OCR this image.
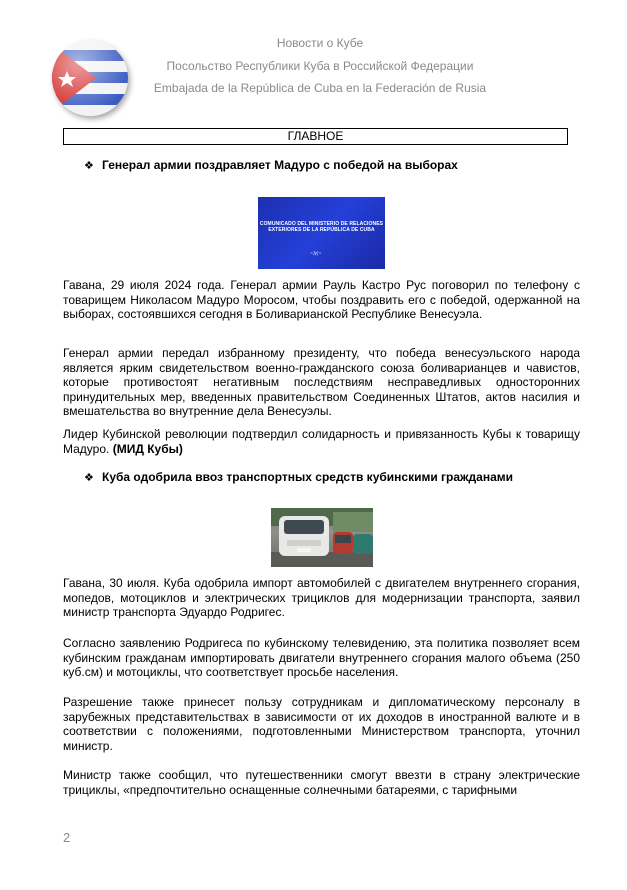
Новости о Кубе
Посольство Республики Куба в Российской Федерации
Embajada de la República de Cuba en la Federación de Rusia
ГЛАВНОЕ
❖ Генерал армии поздравляет Мадуро с победой на выборах
COMUNICADO DEL MINISTERIO DE RELACIONES EXTERIORES DE LA REPÚBLICA DE CUBA
~ℳ~
Гавана, 29 июля 2024 года. Генерал армии Рауль Кастро Рус поговорил по телефону с товарищем Николасом Мадуро Моросом, чтобы поздравить его с победой, одержанной на выборах, состоявшихся сегодня в Боливарианской Республике Венесуэла.
Генерал армии передал избранному президенту, что победа венесуэльского народа является ярким свидетельством военно-гражданского союза боливарианцев и чавистов, которые противостоят негативным последствиям несправедливых односторонних принудительных мер, введенных правительством Соединенных Штатов, актов насилия и вмешательства во внутренние дела Венесуэлы.
Лидер Кубинской революции подтвердил солидарность и привязанность Кубы к товарищу Мадуро. (МИД Кубы)
❖ Куба одобрила ввоз транспортных средств кубинскими гражданами
Гавана, 30 июля. Куба одобрила импорт автомобилей с двигателем внутреннего сгорания, мопедов, мотоциклов и электрических трициклов для модернизации транспорта, заявил министр транспорта Эдуардо Родригес.
Согласно заявлению Родригеса по кубинскому телевидению, эта политика позволяет всем кубинским гражданам импортировать двигатели внутреннего сгорания малого объема (250 куб.см) и мотоциклы, что соответствует просьбе населения.
Разрешение также принесет пользу сотрудникам и дипломатическому персоналу в зарубежных представительствах в зависимости от их доходов в иностранной валюте и в соответствии с положениями, подготовленными Министерством транспорта, уточнил министр.
Министр также сообщил, что путешественники смогут ввезти в страну электрические трициклы, «предпочтительно оснащенные солнечными батареями, с тарифными
2
